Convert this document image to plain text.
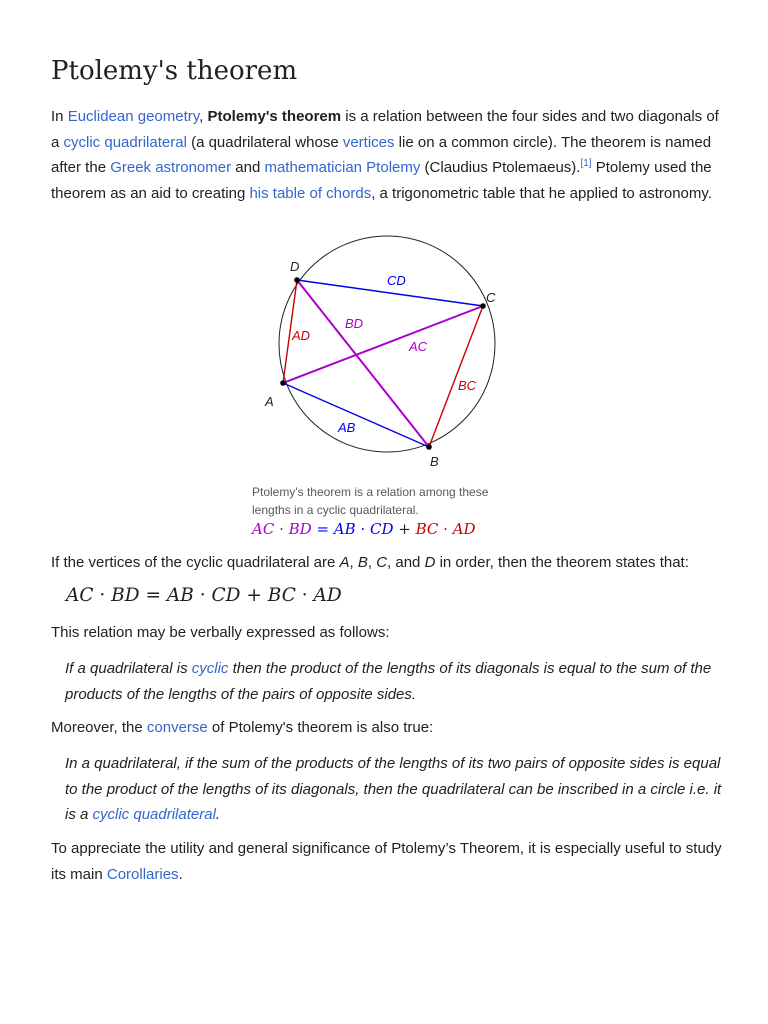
Ptolemy's theorem
In Euclidean geometry, Ptolemy's theorem is a relation between the four sides and two diagonals of a cyclic quadrilateral (a quadrilateral whose vertices lie on a common circle). The theorem is named after the Greek astronomer and mathematician Ptolemy (Claudius Ptolemaeus).[1] Ptolemy used the theorem as an aid to creating his table of chords, a trigonometric table that he applied to astronomy.
D
C
A
B
CD
AD
BD
AC
BC
AB
Ptolemy's theorem is a relation among these lengths in a cyclic quadrilateral.
AC · BD = AB · CD + BC · AD
If the vertices of the cyclic quadrilateral are A, B, C, and D in order, then the theorem states that:
AC · BD = AB · CD + BC · AD
This relation may be verbally expressed as follows:
If a quadrilateral is cyclic then the product of the lengths of its diagonals is equal to the sum of the products of the lengths of the pairs of opposite sides.
Moreover, the converse of Ptolemy's theorem is also true:
In a quadrilateral, if the sum of the products of the lengths of its two pairs of opposite sides is equal to the product of the lengths of its diagonals, then the quadrilateral can be inscribed in a circle i.e. it is a cyclic quadrilateral.
To appreciate the utility and general significance of Ptolemy’s Theorem, it is especially useful to study its main Corollaries.
